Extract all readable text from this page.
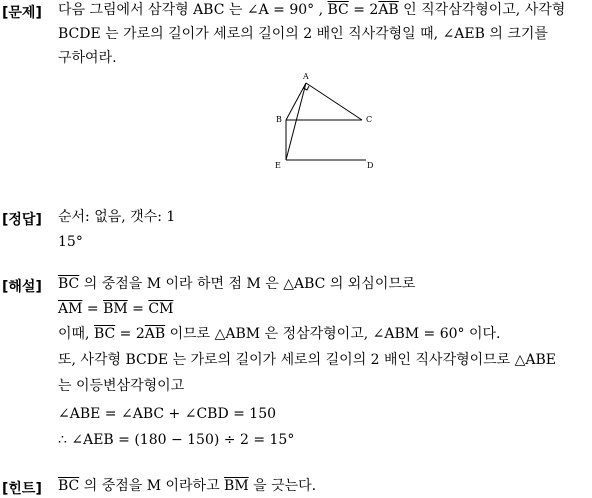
[문제] 다음 그림에서 삼각형 ABC 는 ∠A = 90° , $\overline{BC} = 2\overline{AB}$ 인 직각삼각형이고, 사각형
BCDE 는 가로의 길이가 세로의 길이의 2 배인 직사각형일 때, ∠AEB 의 크기를
구하여라.
A
B	C
E	D
[정답] 순서: 없음, 갯수: 1
15°
[해설] $\overline{BC}$ 의 중점을 M 이라 하면 점 M 은 △ABC 의 외심이므로
$\overline{AM} = \overline{BM} = \overline{CM}$
이때, $\overline{BC} = 2\overline{AB}$ 이므로 △ABM 은 정삼각형이고, ∠ABM = 60° 이다.
또, 사각형 BCDE 는 가로의 길이가 세로의 길이의 2 배인 직사각형이므로 △ABE
는 이등변삼각형이고
∠ABE = ∠ABC + ∠CBD = 150
∴ ∠AEB = (180 − 150) ÷ 2 = 15°
[힌트] $\overline{BC}$ 의 중점을 M 이라하고 $\overline{BM}$ 을 긋는다.
